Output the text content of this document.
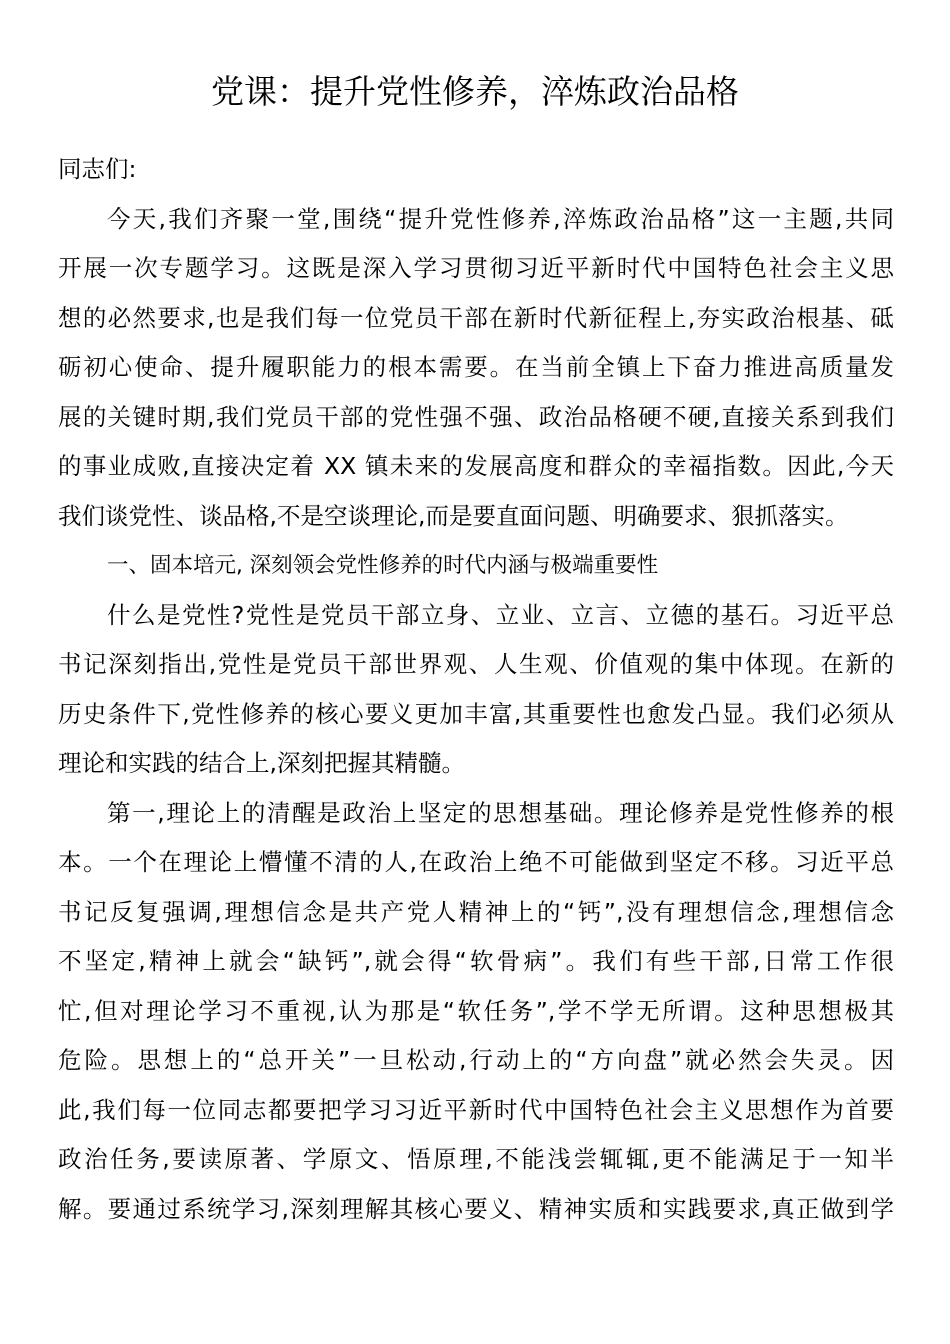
党课：提升党性修养，淬炼政治品格
同志们:
今天,我们齐聚一堂,围绕“提升党性修养,淬炼政治品格”这一主题,共同
开展一次专题学习。这既是深入学习贯彻习近平新时代中国特色社会主义思
想的必然要求,也是我们每一位党员干部在新时代新征程上,夯实政治根基、砥
砺初心使命、提升履职能力的根本需要。在当前全镇上下奋力推进高质量发
展的关键时期,我们党员干部的党性强不强、政治品格硬不硬,直接关系到我们
的事业成败,直接决定着 XX 镇未来的发展高度和群众的幸福指数。因此,今天
我们谈党性、谈品格,不是空谈理论,而是要直面问题、明确要求、狠抓落实。
一、固本培元, 深刻领会党性修养的时代内涵与极端重要性
什么是党性?党性是党员干部立身、立业、立言、立德的基石。习近平总
书记深刻指出,党性是党员干部世界观、人生观、价值观的集中体现。在新的
历史条件下,党性修养的核心要义更加丰富,其重要性也愈发凸显。我们必须从
理论和实践的结合上,深刻把握其精髓。
第一,理论上的清醒是政治上坚定的思想基础。理论修养是党性修养的根
本。一个在理论上懵懂不清的人,在政治上绝不可能做到坚定不移。习近平总
书记反复强调,理想信念是共产党人精神上的“钙”,没有理想信念,理想信念
不坚定,精神上就会“缺钙”,就会得“软骨病”。我们有些干部,日常工作很
忙,但对理论学习不重视,认为那是“软任务”,学不学无所谓。这种思想极其
危险。思想上的“总开关”一旦松动,行动上的“方向盘”就必然会失灵。因
此,我们每一位同志都要把学习习近平新时代中国特色社会主义思想作为首要
政治任务,要读原著、学原文、悟原理,不能浅尝辄辄,更不能满足于一知半
解。要通过系统学习,深刻理解其核心要义、精神实质和实践要求,真正做到学
